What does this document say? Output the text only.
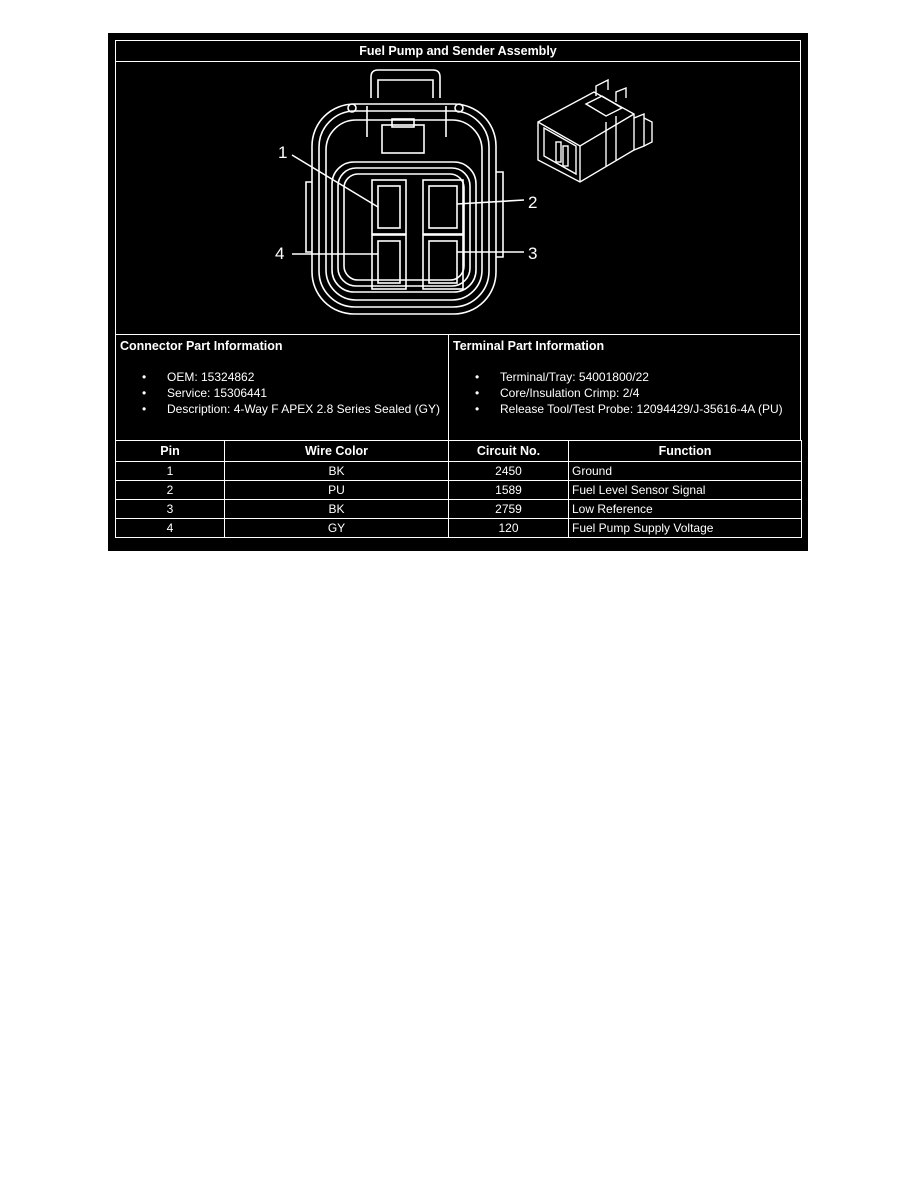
Fuel Pump and Sender Assembly
1
2
3
4
Connector Part Information
• OEM: 15324862
• Service: 15306441
• Description: 4-Way F APEX 2.8 Series Sealed (GY)
Terminal Part Information
• Terminal/Tray: 54001800/22
• Core/Insulation Crimp: 2/4
• Release Tool/Test Probe: 12094429/J-35616-4A (PU)
Pin	Wire Color	Circuit No.	Function
1	BK	2450	Ground
2	PU	1589	Fuel Level Sensor Signal
3	BK	2759	Low Reference
4	GY	120	Fuel Pump Supply Voltage
